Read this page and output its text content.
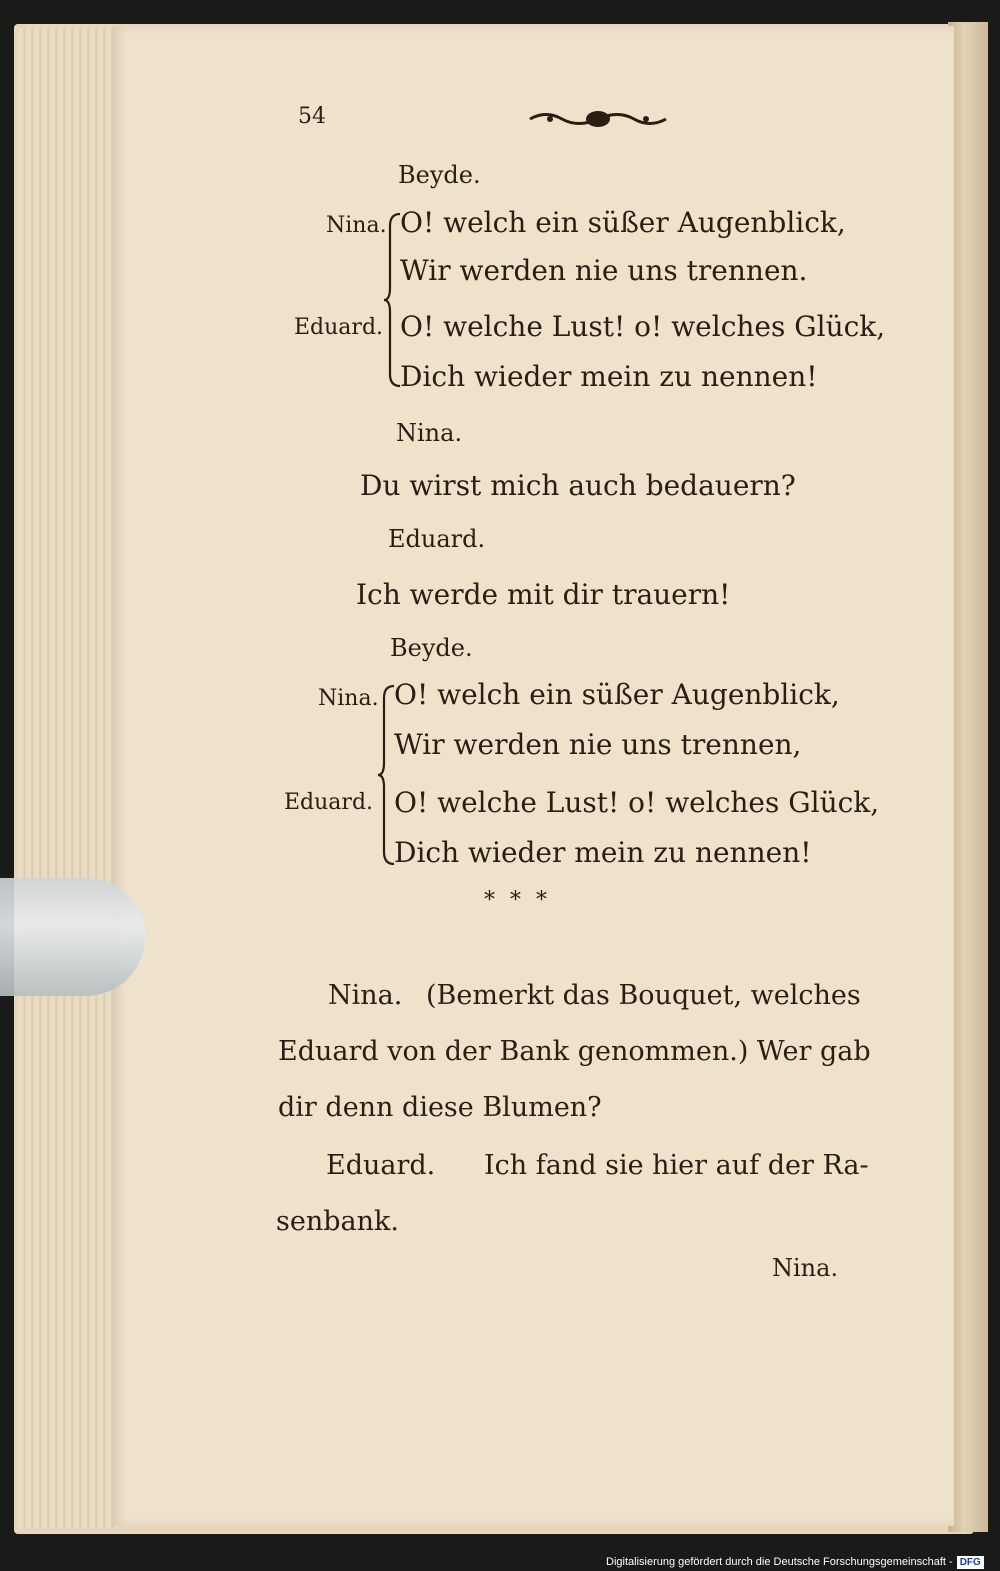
54
Beyde.
Nina.
Eduard.
O! welch ein süßer Augenblick,
Wir werden nie uns trennen.
O! welche Lust! o! welches Glück,
Dich wieder mein zu nennen!
Nina.
Du wirst mich auch bedauern?
Eduard.
Ich werde mit dir trauern!
Beyde.
Nina.
Eduard.
O! welch ein süßer Augenblick,
Wir werden nie uns trennen,
O! welche Lust! o! welches Glück,
Dich wieder mein zu nennen!
* * *
Nina. (Bemerkt das Bouquet, welches
Eduard von der Bank genommen.) Wer gab
dir denn diese Blumen?
Eduard. Ich fand sie hier auf der Ra-
senbank.
Nina.
Digitalisierung gefördert durch die Deutsche Forschungsgemeinschaft - DFG
